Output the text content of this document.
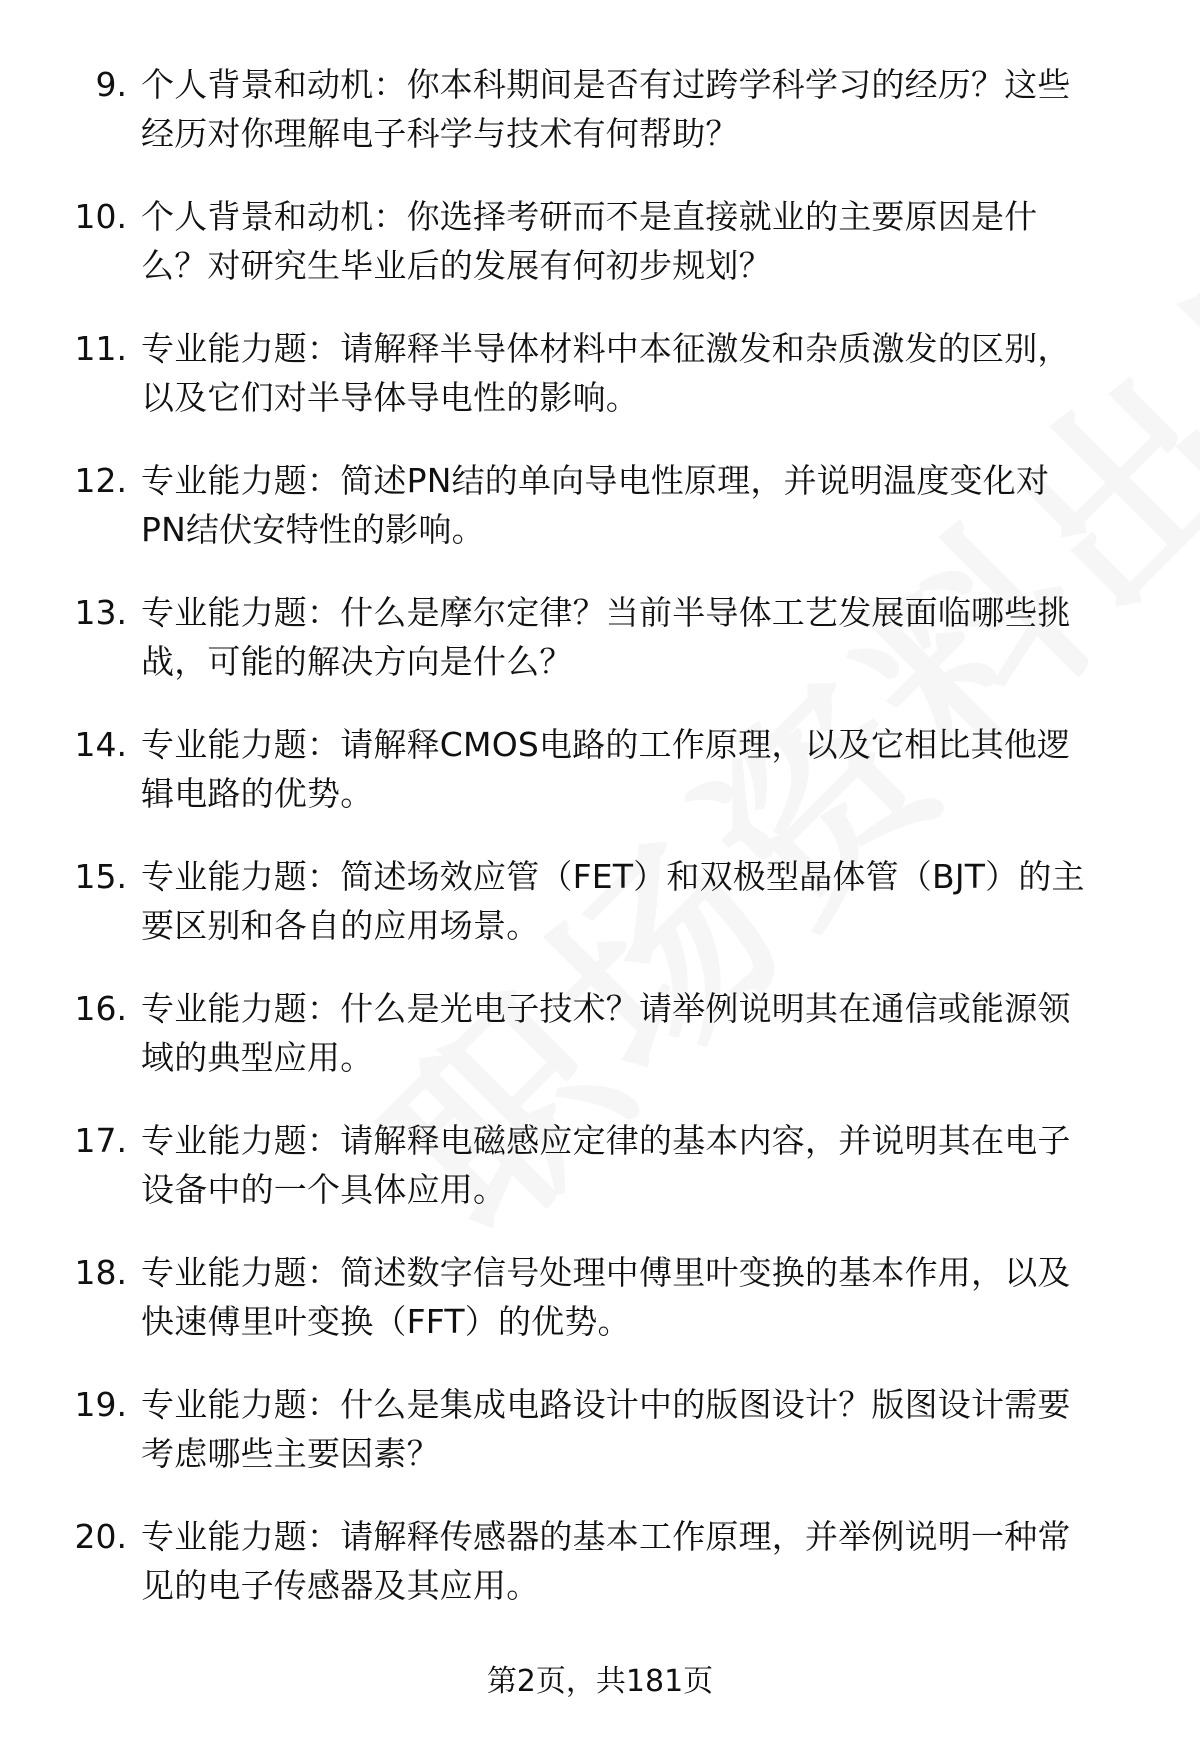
9. 个人背景和动机：你本科期间是否有过跨学科学习的经历？这些
经历对你理解电子科学与技术有何帮助？
10. 个人背景和动机：你选择考研而不是直接就业的主要原因是什
么？对研究生毕业后的发展有何初步规划？
11. 专业能力题：请解释半导体材料中本征激发和杂质激发的区别，
以及它们对半导体导电性的影响。
12. 专业能力题：简述PN结的单向导电性原理，并说明温度变化对
PN结伏安特性的影响。
13. 专业能力题：什么是摩尔定律？当前半导体工艺发展面临哪些挑
战，可能的解决方向是什么？
14. 专业能力题：请解释CMOS电路的工作原理，以及它相比其他逻
辑电路的优势。
15. 专业能力题：简述场效应管（FET）和双极型晶体管（BJT）的主
要区别和各自的应用场景。
16. 专业能力题：什么是光电子技术？请举例说明其在通信或能源领
域的典型应用。
17. 专业能力题：请解释电磁感应定律的基本内容，并说明其在电子
设备中的一个具体应用。
18. 专业能力题：简述数字信号处理中傅里叶变换的基本作用，以及
快速傅里叶变换（FFT）的优势。
19. 专业能力题：什么是集成电路设计中的版图设计？版图设计需要
考虑哪些主要因素？
20. 专业能力题：请解释传感器的基本工作原理，并举例说明一种常
见的电子传感器及其应用。
第2页，共181页
